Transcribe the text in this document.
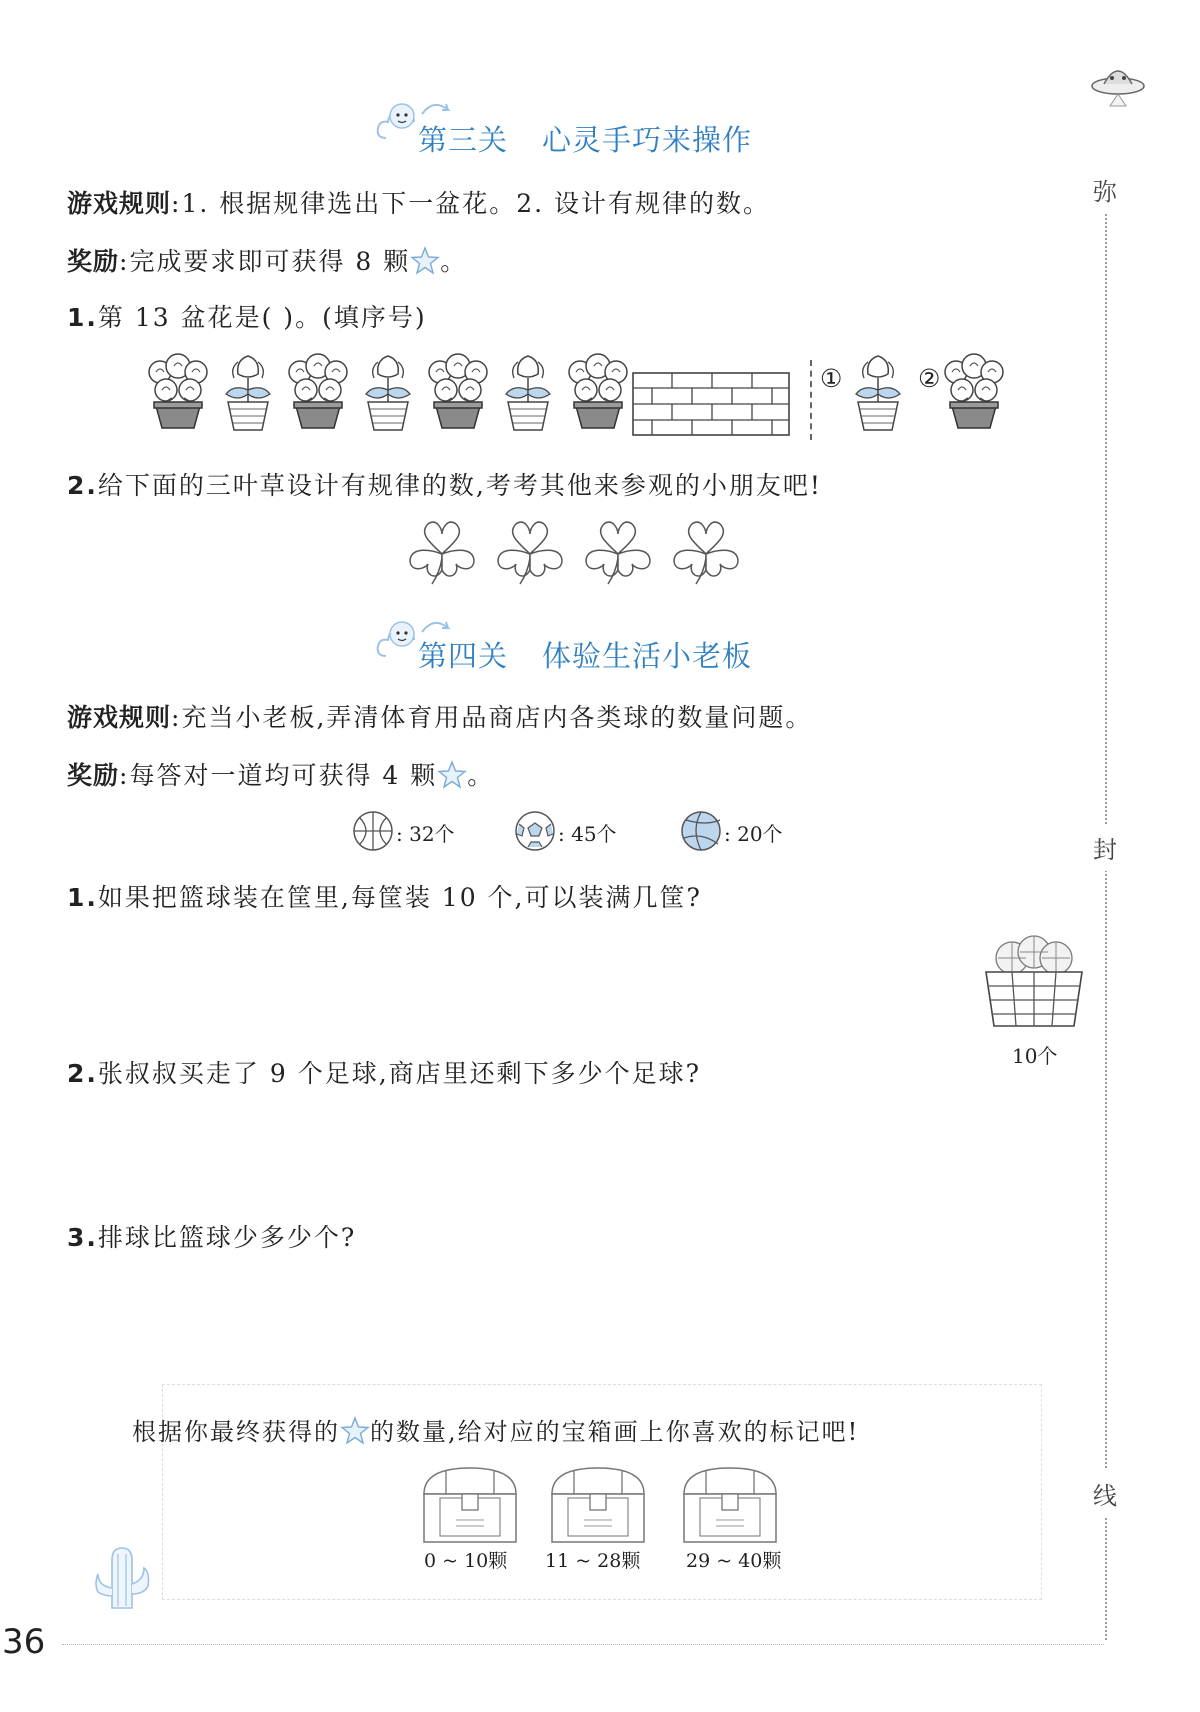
弥
封
线
第三关 心灵手巧来操作
游戏规则:1. 根据规律选出下一盆花。2. 设计有规律的数。
奖励:完成要求即可获得 8 颗 。
1.第 13 盆花是( )。(填序号)
①	②
2.给下面的三叶草设计有规律的数,考考其他来参观的小朋友吧!
第四关 体验生活小老板
游戏规则:充当小老板,弄清体育用品商店内各类球的数量问题。
奖励:每答对一道均可获得 4 颗 。
: 32个	: 45个	: 20个
1.如果把篮球装在筐里,每筐装 10 个,可以装满几筐?
10个
2.张叔叔买走了 9 个足球,商店里还剩下多少个足球?
3.排球比篮球少多少个?
根据你最终获得的 的数量,给对应的宝箱画上你喜欢的标记吧!
0 ~ 10颗 11 ~ 28颗 29 ~ 40颗
36
